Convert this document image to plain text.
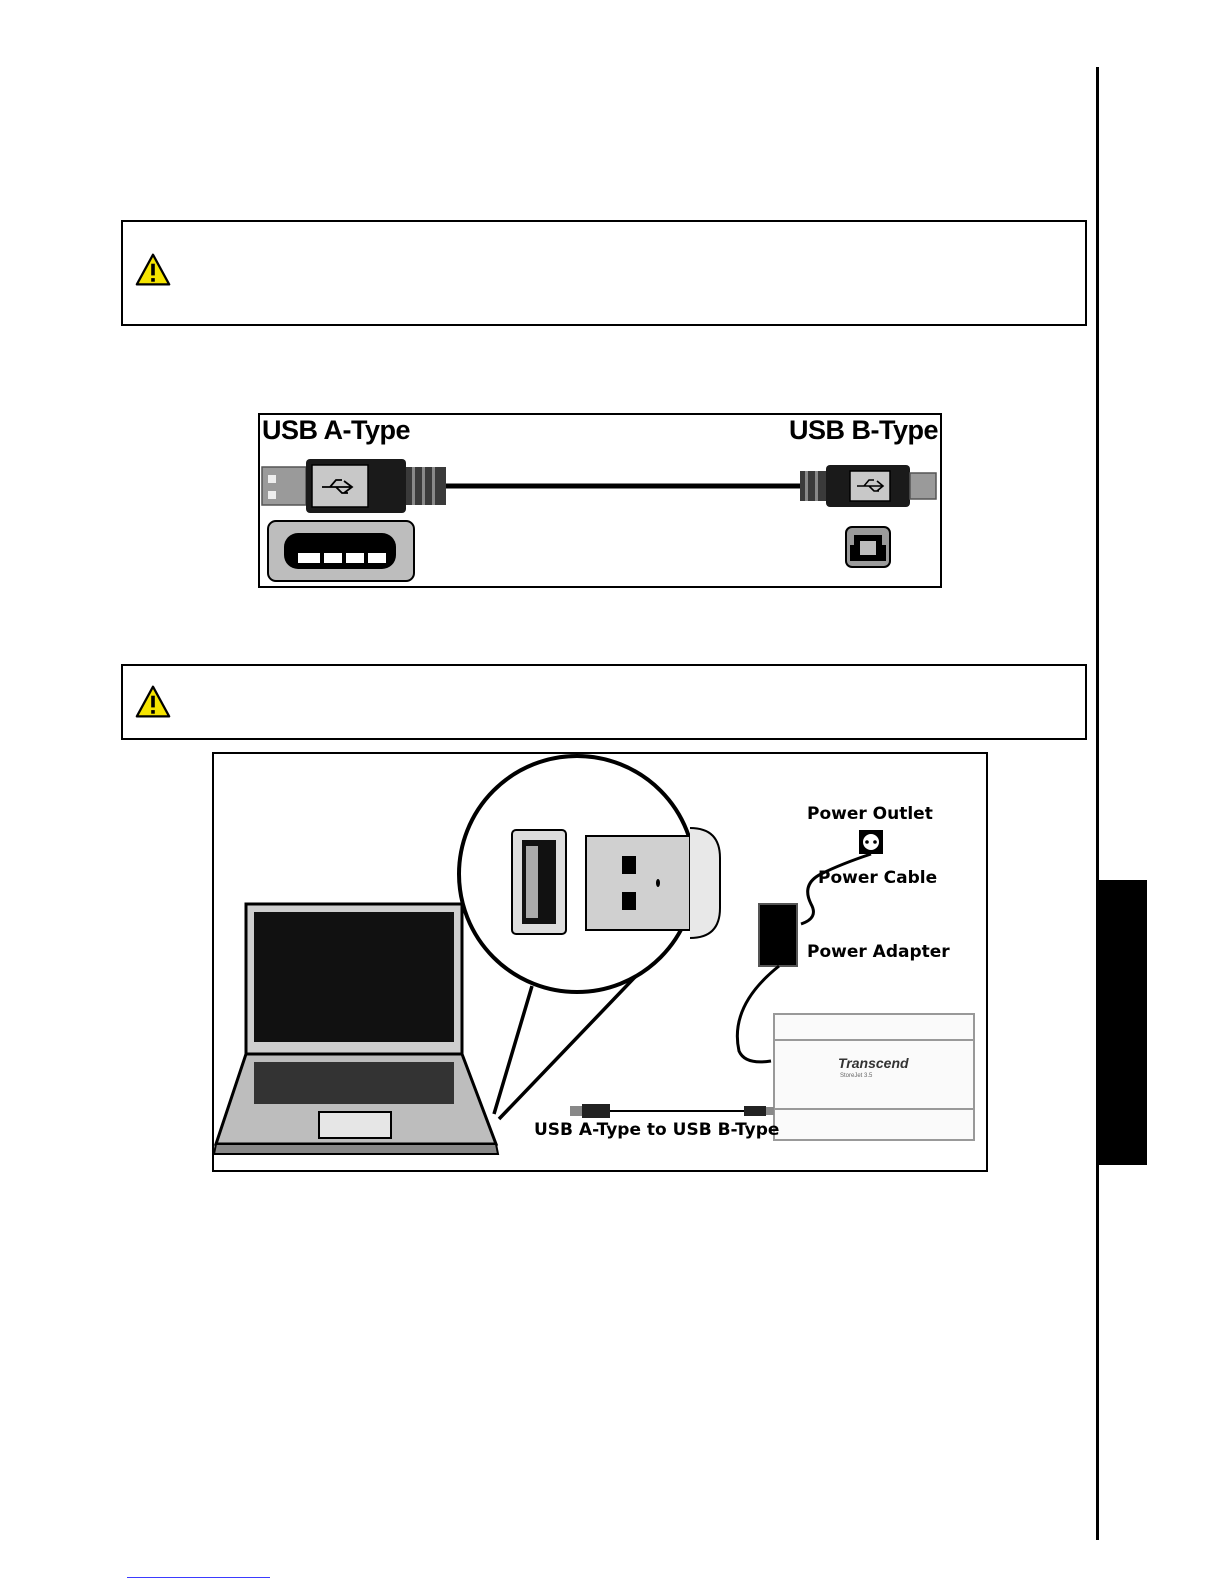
USB A-Type	USB B-Type
Power Outlet
Power Cable
Power Adapter
USB A-Type to USB B-Type
Transcend
StoreJet 3.5
